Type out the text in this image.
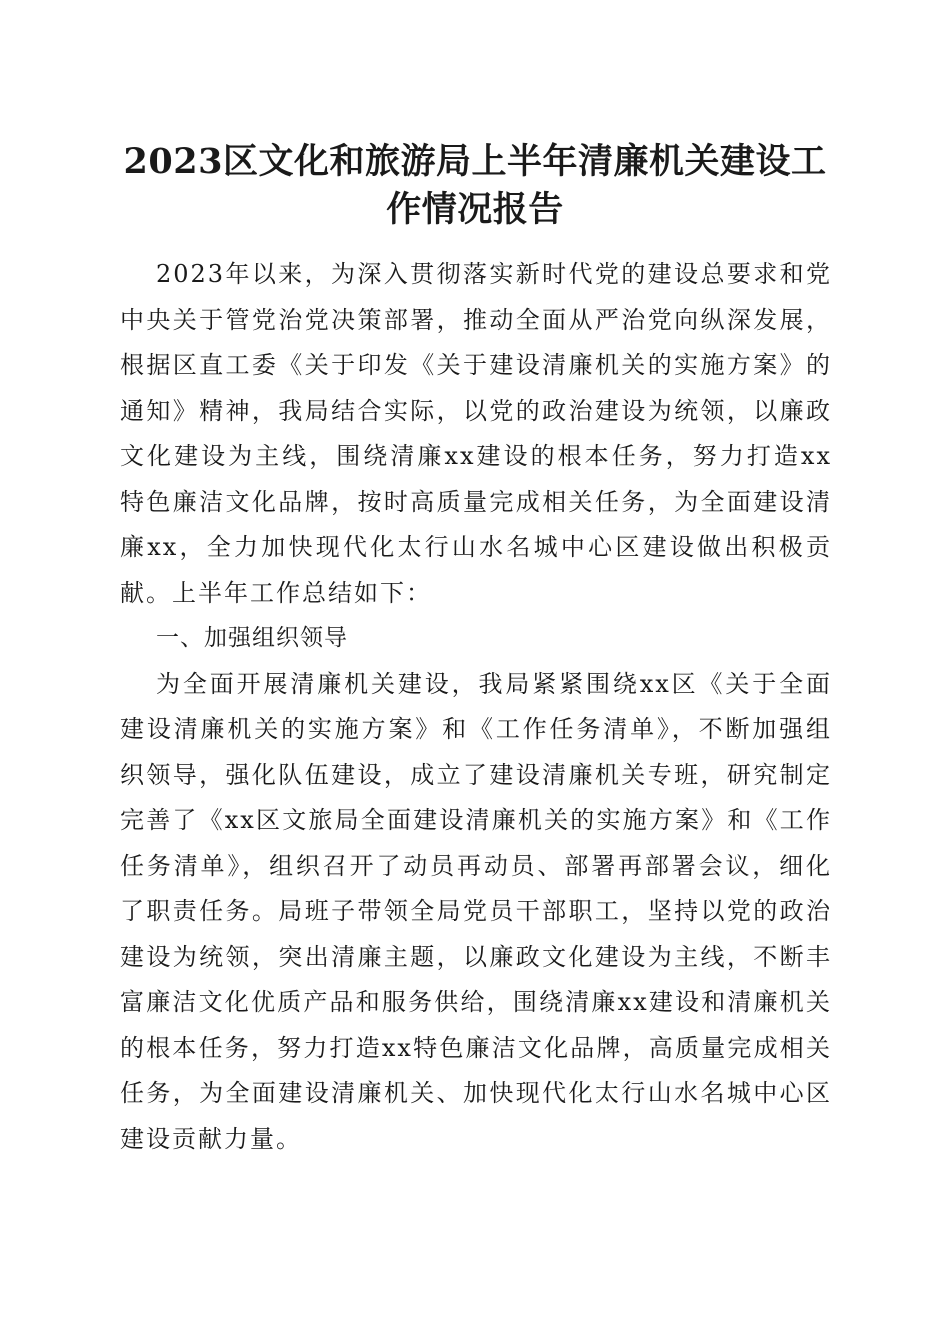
2023区文化和旅游局上半年清廉机关建设工
作情况报告

2023年以来，为深入贯彻落实新时代党的建设总要求和党中央关于管党治党决策部署，推动全面从严治党向纵深发展，根据区直工委《关于印发《关于建设清廉机关的实施方案》的通知》精神，我局结合实际，以党的政治建设为统领，以廉政文化建设为主线，围绕清廉xx建设的根本任务，努力打造xx特色廉洁文化品牌，按时高质量完成相关任务，为全面建设清廉xx，全力加快现代化太行山水名城中心区建设做出积极贡献。上半年工作总结如下：

一、加强组织领导

为全面开展清廉机关建设，我局紧紧围绕xx区《关于全面建设清廉机关的实施方案》和《工作任务清单》，不断加强组织领导，强化队伍建设，成立了建设清廉机关专班，研究制定完善了《xx区文旅局全面建设清廉机关的实施方案》和《工作任务清单》，组织召开了动员再动员、部署再部署会议，细化了职责任务。局班子带领全局党员干部职工，坚持以党的政治建设为统领，突出清廉主题，以廉政文化建设为主线，不断丰富廉洁文化优质产品和服务供给，围绕清廉xx建设和清廉机关的根本任务，努力打造xx特色廉洁文化品牌，高质量完成相关任务，为全面建设清廉机关、加快现代化太行山水名城中心区建设贡献力量。
